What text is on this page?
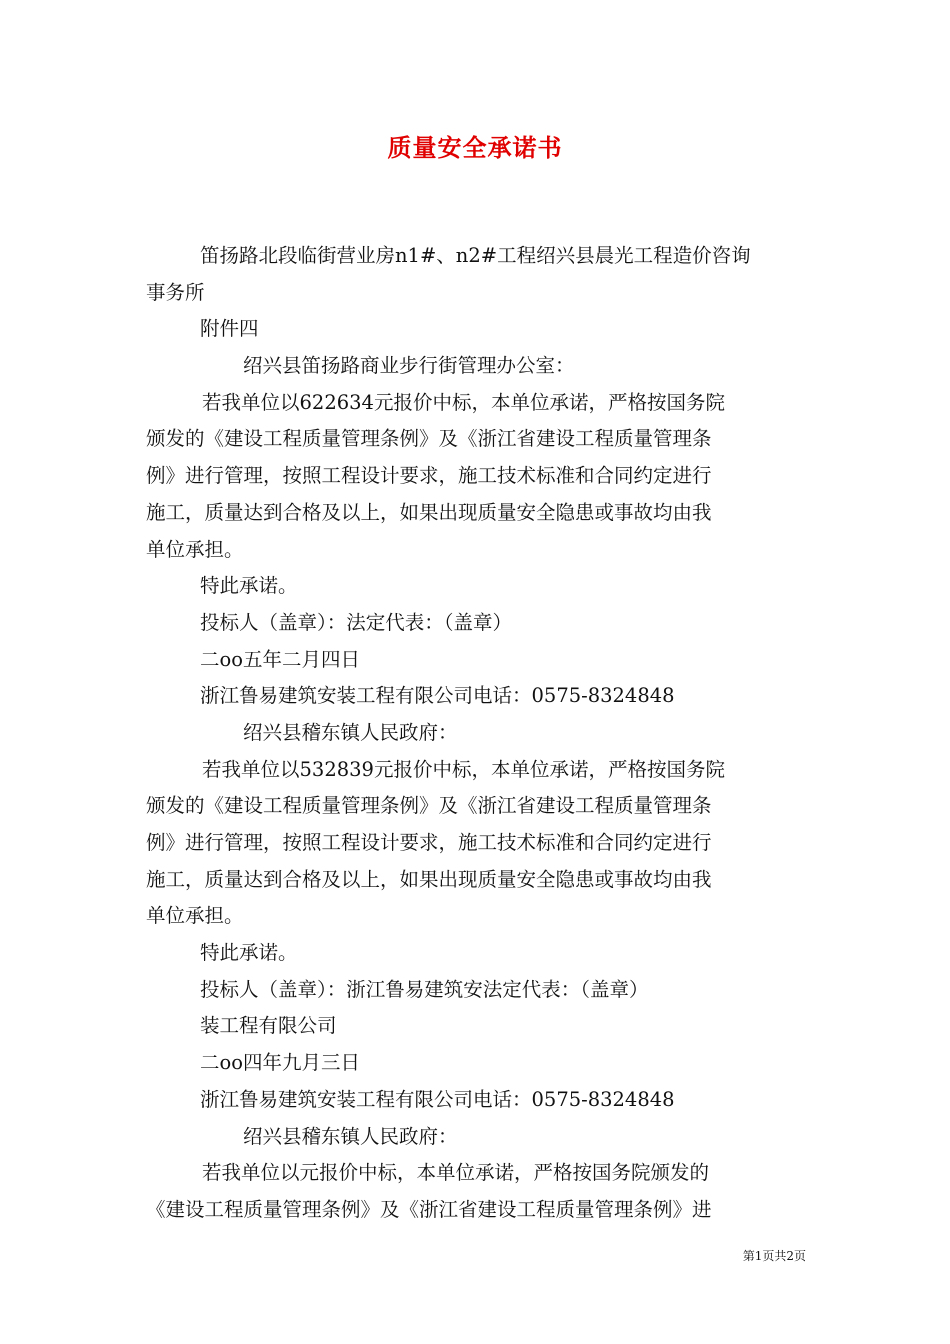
质量安全承诺书
笛扬路北段临街营业房n1#、n2#工程绍兴县晨光工程造价咨询
事务所
附件四
绍兴县笛扬路商业步行街管理办公室：
若我单位以622634元报价中标，本单位承诺，严格按国务院
颁发的《建设工程质量管理条例》及《浙江省建设工程质量管理条
例》进行管理，按照工程设计要求，施工技术标准和合同约定进行
施工，质量达到合格及以上，如果出现质量安全隐患或事故均由我
单位承担。
特此承诺。
投标人（盖章）：法定代表：（盖章）
二oo五年二月四日
浙江鲁易建筑安装工程有限公司电话：0575-8324848
绍兴县稽东镇人民政府：
若我单位以532839元报价中标，本单位承诺，严格按国务院
颁发的《建设工程质量管理条例》及《浙江省建设工程质量管理条
例》进行管理，按照工程设计要求，施工技术标准和合同约定进行
施工，质量达到合格及以上，如果出现质量安全隐患或事故均由我
单位承担。
特此承诺。
投标人（盖章）：浙江鲁易建筑安法定代表：（盖章）
装工程有限公司
二oo四年九月三日
浙江鲁易建筑安装工程有限公司电话：0575-8324848
绍兴县稽东镇人民政府：
若我单位以元报价中标，本单位承诺，严格按国务院颁发的
《建设工程质量管理条例》及《浙江省建设工程质量管理条例》进
第1页共2页
